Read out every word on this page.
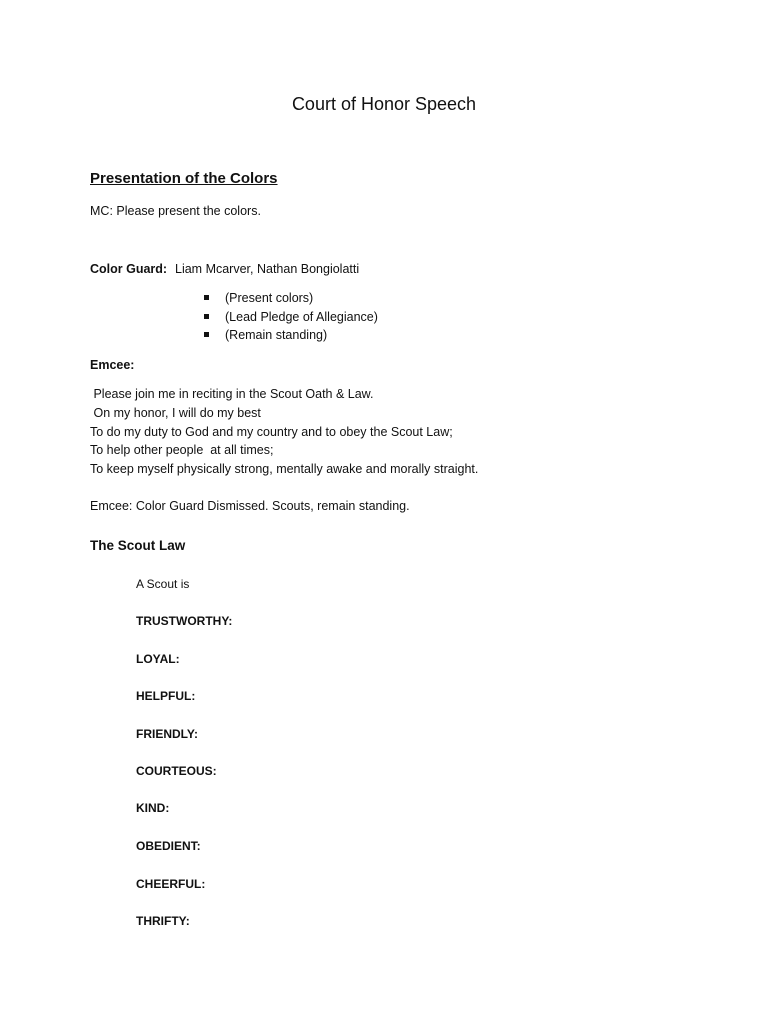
Court of Honor Speech
Presentation of the Colors
MC: Please present the colors.
Color Guard: Liam Mcarver, Nathan Bongiolatti
(Present colors)
(Lead Pledge of Allegiance)
(Remain standing)
Emcee:
Please join me in reciting in the Scout Oath & Law.
On my honor, I will do my best
To do my duty to God and my country and to obey the Scout Law;
To help other people  at all times;
To keep myself physically strong, mentally awake and morally straight.
Emcee: Color Guard Dismissed. Scouts, remain standing.
The Scout Law
A Scout is
TRUSTWORTHY:
LOYAL:
HELPFUL:
FRIENDLY:
COURTEOUS:
KIND:
OBEDIENT:
CHEERFUL:
THRIFTY:
